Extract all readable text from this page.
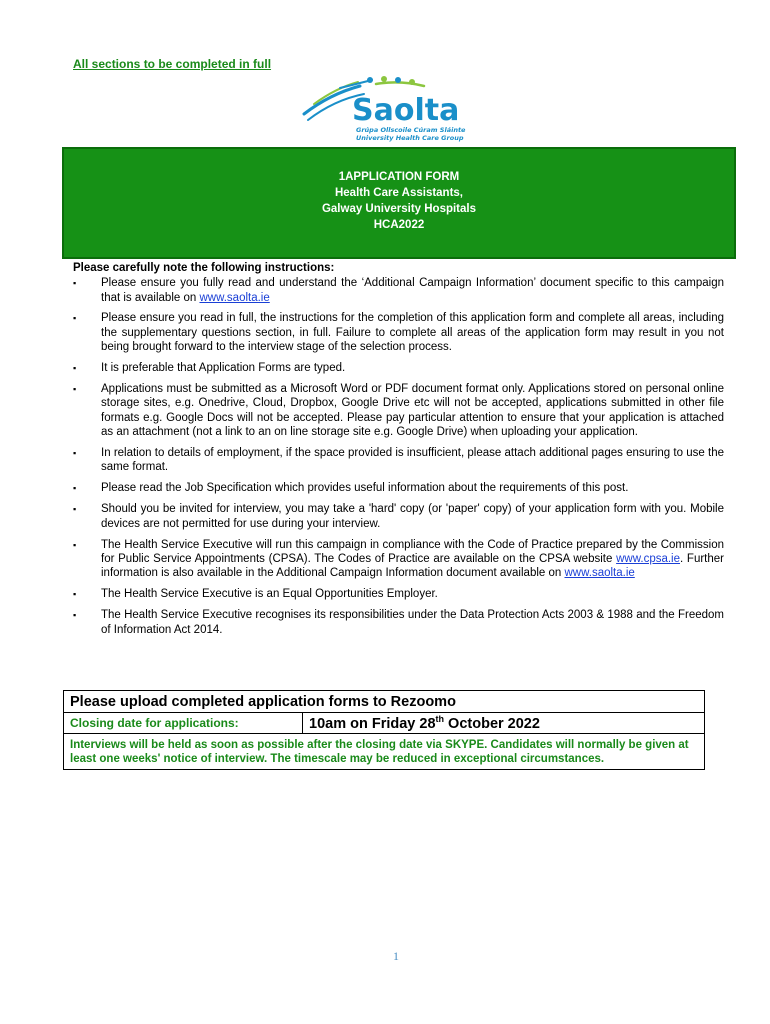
All sections to be completed in full
Saolta
Grúpa Ollscoile Cúram Sláinte
University Health Care Group
1APPLICATION FORM
Health Care Assistants,
Galway University Hospitals
HCA2022
Please carefully note the following instructions:
▪ Please ensure you fully read and understand the ‘Additional Campaign Information’ document specific to this campaign that is available on www.saolta.ie
▪ Please ensure you read in full, the instructions for the completion of this application form and complete all areas, including the supplementary questions section, in full. Failure to complete all areas of the application form may result in you not being brought forward to the interview stage of the selection process.
▪ It is preferable that Application Forms are typed.
▪ Applications must be submitted as a Microsoft Word or PDF document format only. Applications stored on personal online storage sites, e.g. Onedrive, Cloud, Dropbox, Google Drive etc will not be accepted, applications submitted in other file formats e.g. Google Docs will not be accepted. Please pay particular attention to ensure that your application is attached as an attachment (not a link to an on line storage site e.g. Google Drive) when uploading your application.
▪ In relation to details of employment, if the space provided is insufficient, please attach additional pages ensuring to use the same format.
▪ Please read the Job Specification which provides useful information about the requirements of this post.
▪ Should you be invited for interview, you may take a 'hard' copy (or 'paper' copy) of your application form with you. Mobile devices are not permitted for use during your interview.
▪ The Health Service Executive will run this campaign in compliance with the Code of Practice prepared by the Commission for Public Service Appointments (CPSA). The Codes of Practice are available on the CPSA website www.cpsa.ie. Further information is also available in the Additional Campaign Information document available on www.saolta.ie
▪ The Health Service Executive is an Equal Opportunities Employer.
▪ The Health Service Executive recognises its responsibilities under the Data Protection Acts 2003 & 1988 and the Freedom of Information Act 2014.
Please upload completed application forms to Rezoomo
Closing date for applications:	10am on Friday 28th October 2022
Interviews will be held as soon as possible after the closing date via SKYPE. Candidates will normally be given at least one weeks' notice of interview. The timescale may be reduced in exceptional circumstances.
1
